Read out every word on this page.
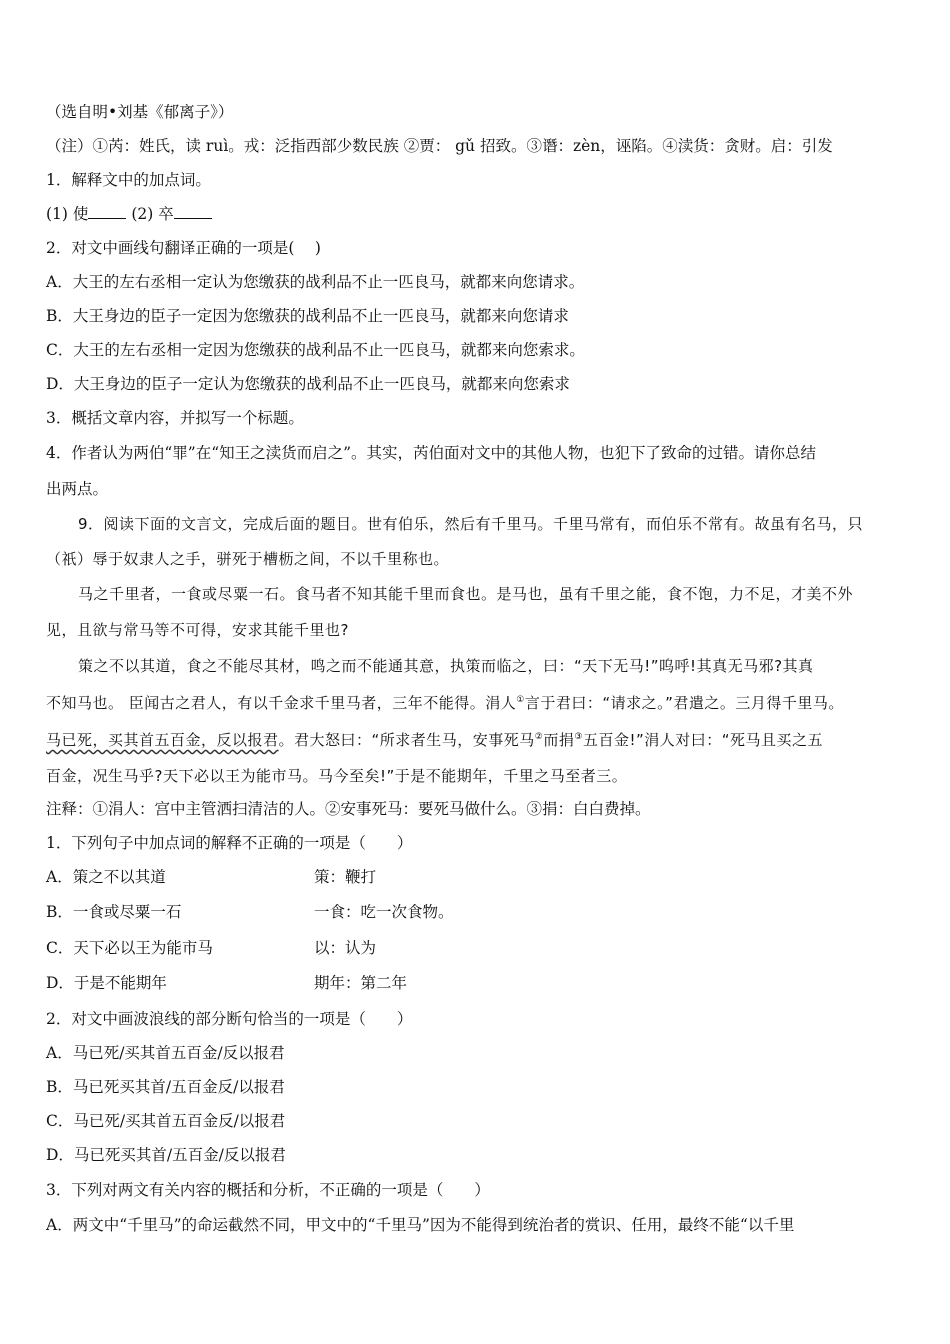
（选自明•刘基《郁离子》）
（注）①芮：姓氏，读 ruì。戎：泛指西部少数民族 ②贾： gǔ 招致。③谮：zèn，诬陷。④渎货：贪财。启：引发
1．解释文中的加点词。
(1) 使	(2) 卒
2．对文中画线句翻译正确的一项是(　 )
A．大王的左右丞相一定认为您缴获的战利品不止一匹良马，就都来向您请求。
B．大王身边的臣子一定因为您缴获的战利品不止一匹良马，就都来向您请求
C．大王的左右丞相一定因为您缴获的战利品不止一匹良马，就都来向您索求。
D．大王身边的臣子一定认为您缴获的战利品不止一匹良马，就都来向您索求
3．概括文章内容，并拟写一个标题。
4．作者认为两伯“罪”在“知王之渎货而启之”。其实，芮伯面对文中的其他人物，也犯下了致命的过错。请你总结
出两点。
9．阅读下面的文言文，完成后面的题目。世有伯乐，然后有千里马。千里马常有，而伯乐不常有。故虽有名马，只
（祇）辱于奴隶人之手，骈死于槽枥之间，不以千里称也。
马之千里者，一食或尽粟一石。食马者不知其能千里而食也。是马也，虽有千里之能，食不饱，力不足，才美不外
见，且欲与常马等不可得，安求其能千里也?
策之不以其道，食之不能尽其材，鸣之而不能通其意，执策而临之，曰：“天下无马!”呜呼!其真无马邪?其真
不知马也。 臣闻古之君人，有以千金求千里马者，三年不能得。涓人①言于君曰：“请求之。”君遣之。三月得千里马。
马已死，买其首五百金，反以报君。君大怒曰：“所求者生马，安事死马②而捐③五百金!”涓人对曰：“死马且买之五
百金，况生马乎?天下必以王为能市马。马今至矣!”于是不能期年，千里之马至者三。
注释：①涓人：宫中主管洒扫清洁的人。②安事死马：要死马做什么。③捐：白白费掉。
1．下列句子中加点词的解释不正确的一项是（　　）
A．策之不以其道	策：鞭打
B．一食或尽粟一石	一食：吃一次食物。
C．天下必以王为能市马	以：认为
D．于是不能期年	期年：第二年
2．对文中画波浪线的部分断句恰当的一项是（　　）
A．马已死/买其首五百金/反以报君
B．马已死买其首/五百金反/以报君
C．马已死/买其首五百金反/以报君
D．马已死买其首/五百金/反以报君
3．下列对两文有关内容的概括和分析，不正确的一项是（　　）
A．两文中“千里马”的命运截然不同，甲文中的“千里马”因为不能得到统治者的赏识、任用，最终不能“以千里
